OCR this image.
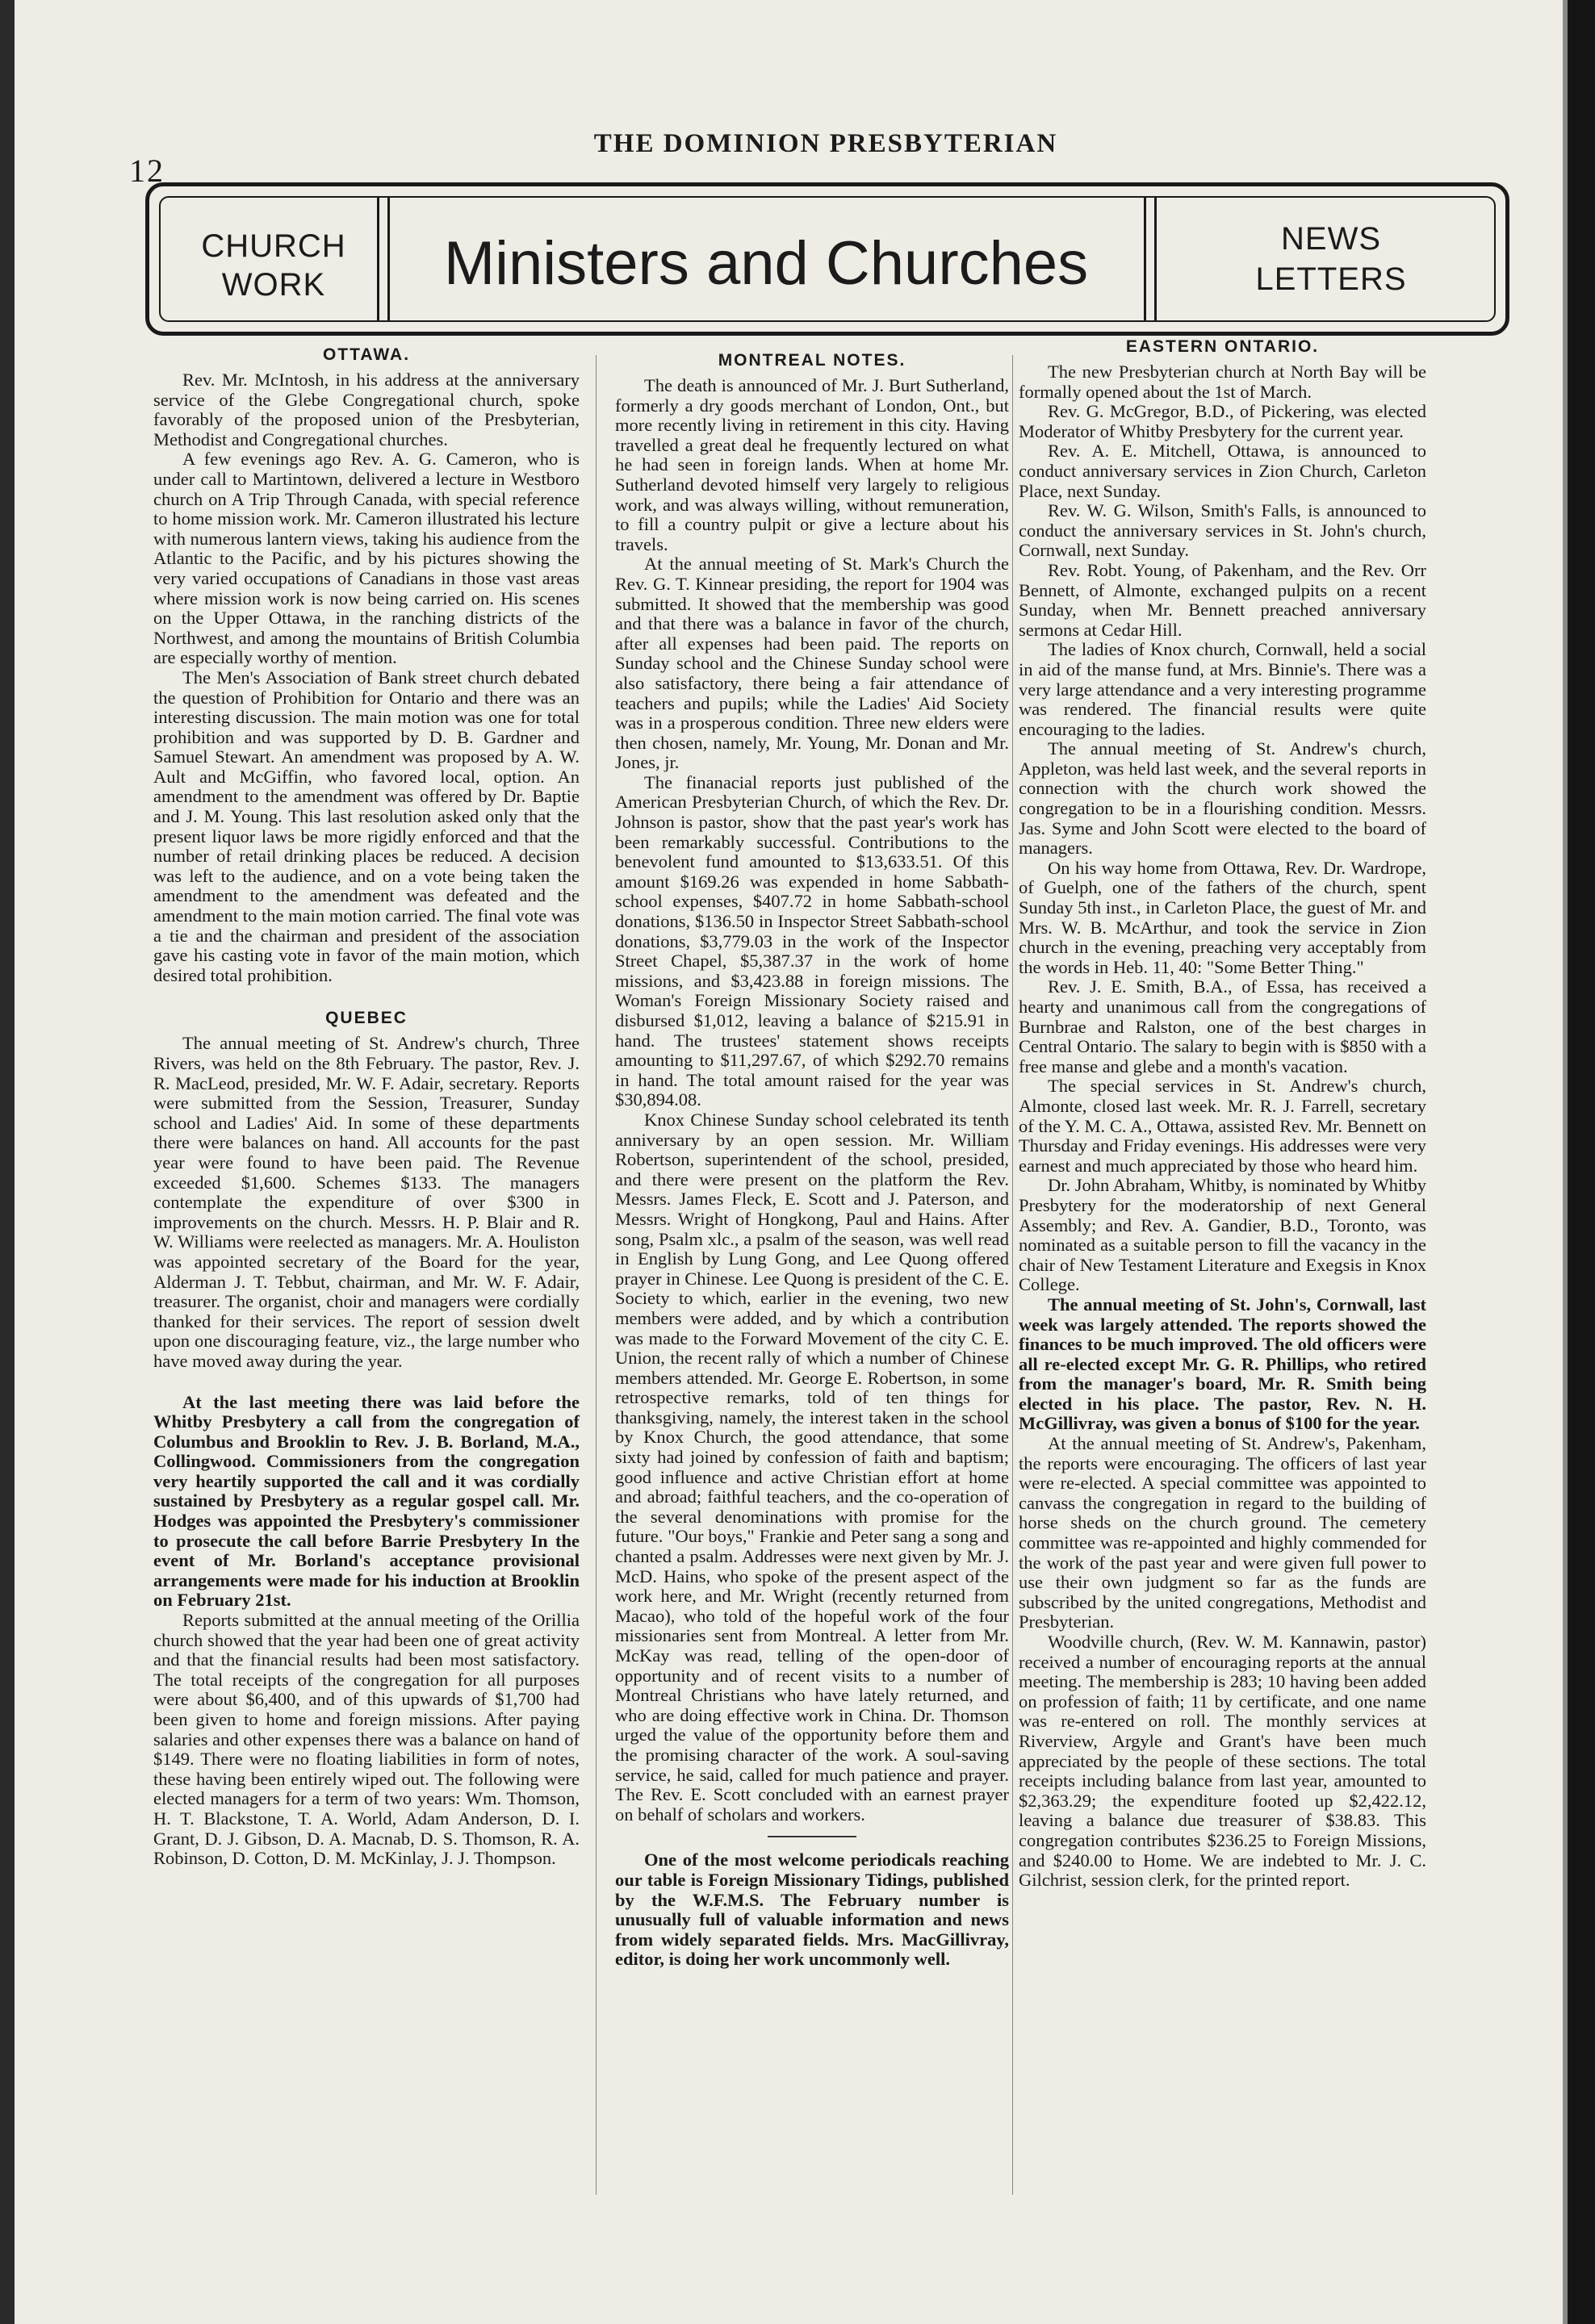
12
THE DOMINION PRESBYTERIAN
CHURCH
WORK	Ministers and Churches	NEWS
LETTERS
OTTAWA.

Rev. Mr. McIntosh, in his address at the anniversary service of the Glebe Congregational church, spoke favorably of the proposed union of the Presbyterian, Methodist and Congregational churches.

A few evenings ago Rev. A. G. Cameron, who is under call to Martintown, delivered a lecture in Westboro church on A Trip Through Canada, with special reference to home mission work. Mr. Cameron illustrated his lecture with numerous lantern views, taking his audience from the Atlantic to the Pacific, and by his pictures showing the very varied occupations of Canadians in those vast areas where mission work is now being carried on. His scenes on the Upper Ottawa, in the ranching districts of the Northwest, and among the mountains of British Columbia are especially worthy of mention.

The Men's Association of Bank street church debated the question of Prohibition for Ontario and there was an interesting discussion. The main motion was one for total prohibition and was supported by D. B. Gardner and Samuel Stewart. An amendment was proposed by A. W. Ault and McGiffin, who favored local, option. An amendment to the amendment was offered by Dr. Baptie and J. M. Young. This last resolution asked only that the present liquor laws be more rigidly enforced and that the number of retail drinking places be reduced. A decision was left to the audience, and on a vote being taken the amendment to the amendment was defeated and the amendment to the main motion carried. The final vote was a tie and the chairman and president of the association gave his casting vote in favor of the main motion, which desired total prohibition.

QUEBEC

The annual meeting of St. Andrew's church, Three Rivers, was held on the 8th February. The pastor, Rev. J. R. MacLeod, presided, Mr. W. F. Adair, secretary. Reports were submitted from the Session, Treasurer, Sunday school and Ladies' Aid. In some of these departments there were balances on hand. All accounts for the past year were found to have been paid. The Revenue exceeded $1,600. Schemes $133. The managers contemplate the expenditure of over $300 in improvements on the church. Messrs. H. P. Blair and R. W. Williams were reelected as managers. Mr. A. Houliston was appointed secretary of the Board for the year, Alderman J. T. Tebbut, chairman, and Mr. W. F. Adair, treasurer. The organist, choir and managers were cordially thanked for their services. The report of session dwelt upon one discouraging feature, viz., the large number who have moved away during the year.

At the last meeting there was laid before the Whitby Presbytery a call from the congregation of Columbus and Brooklin to Rev. J. B. Borland, M.A., Collingwood. Commissioners from the congregation very heartily supported the call and it was cordially sustained by Presbytery as a regular gospel call. Mr. Hodges was appointed the Presbytery's commissioner to prosecute the call before Barrie Presbytery In the event of Mr. Borland's acceptance provisional arrangements were made for his induction at Brooklin on February 21st.

Reports submitted at the annual meeting of the Orillia church showed that the year had been one of great activity and that the financial results had been most satisfactory. The total receipts of the congregation for all purposes were about $6,400, and of this upwards of $1,700 had been given to home and foreign missions. After paying salaries and other expenses there was a balance on hand of $149. There were no floating liabilities in form of notes, these having been entirely wiped out. The following were elected managers for a term of two years: Wm. Thomson, H. T. Blackstone, T. A. World, Adam Anderson, D. I. Grant, D. J. Gibson, D. A. Macnab, D. S. Thomson, R. A. Robinson, D. Cotton, D. M. McKinlay, J. J. Thompson.

MONTREAL NOTES.

The death is announced of Mr. J. Burt Sutherland, formerly a dry goods merchant of London, Ont., but more recently living in retirement in this city. Having travelled a great deal he frequently lectured on what he had seen in foreign lands. When at home Mr. Sutherland devoted himself very largely to religious work, and was always willing, without remuneration, to fill a country pulpit or give a lecture about his travels.

At the annual meeting of St. Mark's Church the Rev. G. T. Kinnear presiding, the report for 1904 was submitted. It showed that the membership was good and that there was a balance in favor of the church, after all expenses had been paid. The reports on Sunday school and the Chinese Sunday school were also satisfactory, there being a fair attendance of teachers and pupils; while the Ladies' Aid Society was in a prosperous condition. Three new elders were then chosen, namely, Mr. Young, Mr. Donan and Mr. Jones, jr.

The finanacial reports just published of the American Presbyterian Church, of which the Rev. Dr. Johnson is pastor, show that the past year's work has been remarkably successful. Contributions to the benevolent fund amounted to $13,633.51. Of this amount $169.26 was expended in home Sabbath-school expenses, $407.72 in home Sabbath-school donations, $136.50 in Inspector Street Sabbath-school donations, $3,779.03 in the work of the Inspector Street Chapel, $5,387.37 in the work of home missions, and $3,423.88 in foreign missions. The Woman's Foreign Missionary Society raised and disbursed $1,012, leaving a balance of $215.91 in hand. The trustees' statement shows receipts amounting to $11,297.67, of which $292.70 remains in hand. The total amount raised for the year was $30,894.08.

Knox Chinese Sunday school celebrated its tenth anniversary by an open session. Mr. William Robertson, superintendent of the school, presided, and there were present on the platform the Rev. Messrs. James Fleck, E. Scott and J. Paterson, and Messrs. Wright of Hongkong, Paul and Hains. After song, Psalm xlc., a psalm of the season, was well read in English by Lung Gong, and Lee Quong offered prayer in Chinese. Lee Quong is president of the C. E. Society to which, earlier in the evening, two new members were added, and by which a contribution was made to the Forward Movement of the city C. E. Union, the recent rally of which a number of Chinese members attended. Mr. George E. Robertson, in some retrospective remarks, told of ten things for thanksgiving, namely, the interest taken in the school by Knox Church, the good attendance, that some sixty had joined by confession of faith and baptism; good influence and active Christian effort at home and abroad; faithful teachers, and the co-operation of the several denominations with promise for the future. "Our boys," Frankie and Peter sang a song and chanted a psalm. Addresses were next given by Mr. J. McD. Hains, who spoke of the present aspect of the work here, and Mr. Wright (recently returned from Macao), who told of the hopeful work of the four missionaries sent from Montreal. A letter from Mr. McKay was read, telling of the open-door of opportunity and of recent visits to a number of Montreal Christians who have lately returned, and who are doing effective work in China. Dr. Thomson urged the value of the opportunity before them and the promising character of the work. A soul-saving service, he said, called for much patience and prayer. The Rev. E. Scott concluded with an earnest prayer on behalf of scholars and workers.

One of the most welcome periodicals reaching our table is Foreign Missionary Tidings, published by the W.F.M.S. The February number is unusually full of valuable information and news from widely separated fields. Mrs. MacGillivray, editor, is doing her work uncommonly well.

EASTERN ONTARIO.

The new Presbyterian church at North Bay will be formally opened about the 1st of March.

Rev. G. McGregor, B.D., of Pickering, was elected Moderator of Whitby Presbytery for the current year.

Rev. A. E. Mitchell, Ottawa, is announced to conduct anniversary services in Zion Church, Carleton Place, next Sunday.

Rev. W. G. Wilson, Smith's Falls, is announced to conduct the anniversary services in St. John's church, Cornwall, next Sunday.

Rev. Robt. Young, of Pakenham, and the Rev. Orr Bennett, of Almonte, exchanged pulpits on a recent Sunday, when Mr. Bennett preached anniversary sermons at Cedar Hill.

The ladies of Knox church, Cornwall, held a social in aid of the manse fund, at Mrs. Binnie's. There was a very large attendance and a very interesting programme was rendered. The financial results were quite encouraging to the ladies.

The annual meeting of St. Andrew's church, Appleton, was held last week, and the several reports in connection with the church work showed the congregation to be in a flourishing condition. Messrs. Jas. Syme and John Scott were elected to the board of managers.

On his way home from Ottawa, Rev. Dr. Wardrope, of Guelph, one of the fathers of the church, spent Sunday 5th inst., in Carleton Place, the guest of Mr. and Mrs. W. B. McArthur, and took the service in Zion church in the evening, preaching very acceptably from the words in Heb. 11, 40: "Some Better Thing."

Rev. J. E. Smith, B.A., of Essa, has received a hearty and unanimous call from the congregations of Burnbrae and Ralston, one of the best charges in Central Ontario. The salary to begin with is $850 with a free manse and glebe and a month's vacation.

The special services in St. Andrew's church, Almonte, closed last week. Mr. R. J. Farrell, secretary of the Y. M. C. A., Ottawa, assisted Rev. Mr. Bennett on Thursday and Friday evenings. His addresses were very earnest and much appreciated by those who heard him.

Dr. John Abraham, Whitby, is nominated by Whitby Presbytery for the moderatorship of next General Assembly; and Rev. A. Gandier, B.D., Toronto, was nominated as a suitable person to fill the vacancy in the chair of New Testament Literature and Exegsis in Knox College.

The annual meeting of St. John's, Cornwall, last week was largely attended. The reports showed the finances to be much improved. The old officers were all re-elected except Mr. G. R. Phillips, who retired from the manager's board, Mr. R. Smith being elected in his place. The pastor, Rev. N. H. McGillivray, was given a bonus of $100 for the year.

At the annual meeting of St. Andrew's, Pakenham, the reports were encouraging. The officers of last year were re-elected. A special committee was appointed to canvass the congregation in regard to the building of horse sheds on the church ground. The cemetery committee was re-appointed and highly commended for the work of the past year and were given full power to use their own judgment so far as the funds are subscribed by the united congregations, Methodist and Presbyterian.

Woodville church, (Rev. W. M. Kannawin, pastor) received a number of encouraging reports at the annual meeting. The membership is 283; 10 having been added on profession of faith; 11 by certificate, and one name was re-entered on roll. The monthly services at Riverview, Argyle and Grant's have been much appreciated by the people of these sections. The total receipts including balance from last year, amounted to $2,363.29; the expenditure footed up $2,422.12, leaving a balance due treasurer of $38.83. This congregation contributes $236.25 to Foreign Missions, and $240.00 to Home. We are indebted to Mr. J. C. Gilchrist, session clerk, for the printed report.
